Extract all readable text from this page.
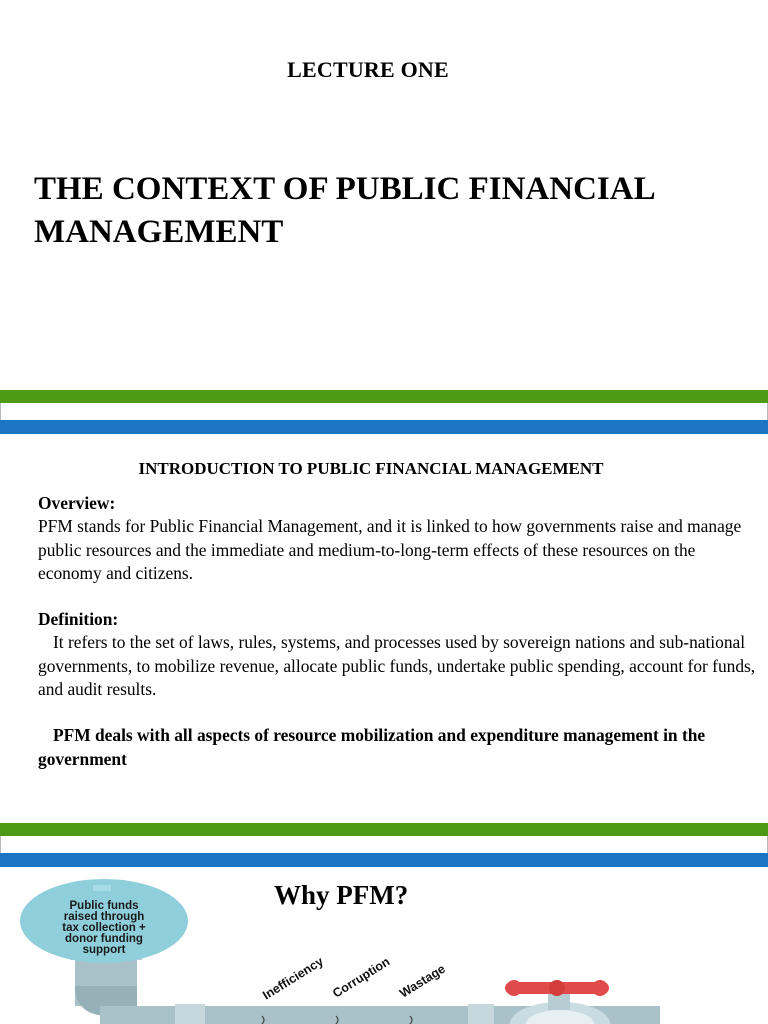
LECTURE ONE
THE CONTEXT OF PUBLIC FINANCIAL
MANAGEMENT
INTRODUCTION TO PUBLIC FINANCIAL MANAGEMENT

Overview:

PFM stands for Public Financial Management, and it is linked to how governments raise and manage public resources and the immediate and medium-to-long-term effects of these resources on the economy and citizens.

Definition:

It refers to the set of laws, rules, systems, and processes used by sovereign nations and sub-national governments, to mobilize revenue, allocate public funds, undertake public spending, account for funds, and audit results.

PFM deals with all aspects of resource mobilization and expenditure management in the government

Inefficiency Corruption Wastage
Public funds
raised through
tax collection +
donor funding
support
Why PFM?
